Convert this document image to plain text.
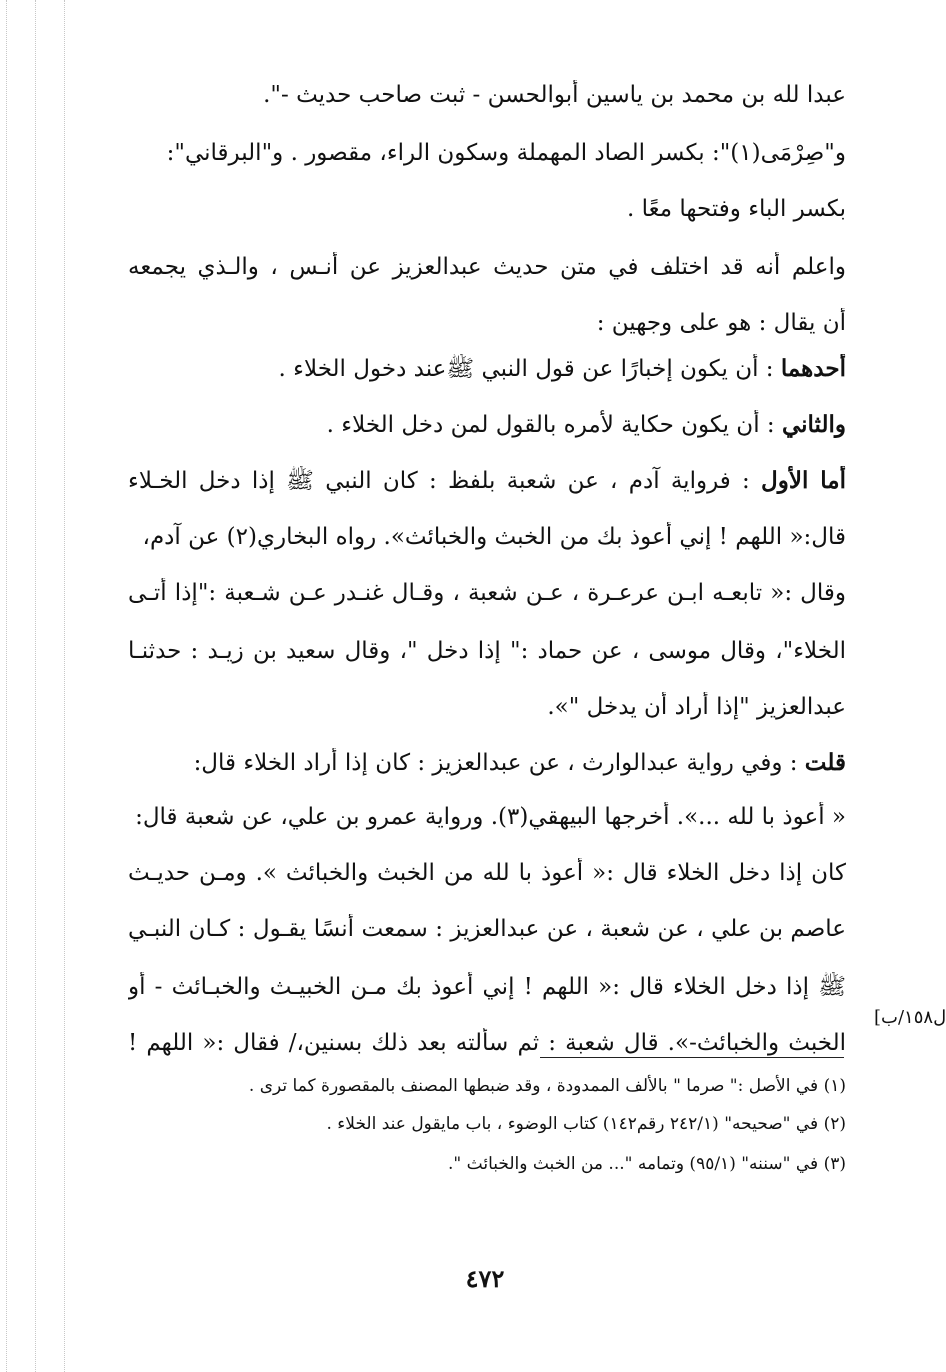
عبدا لله بن محمد بن ياسين أبوالحسن - ثبت صاحب حديث -".
و"صِرْمَى(١)": بكسر الصاد المهملة وسكون الراء، مقصور . و"البرقاني":
بكسر الباء وفتحها معًا .
واعلم أنه قد اختلف في متن حديث عبدالعزيز عن أنـس ، والـذي يجمعه
أن يقال : هو على وجهين :
أحدهما : أن يكون إخبارًا عن قول النبي ﷺعند دخول الخلاء .
والثاني : أن يكون حكاية لأمره بالقول لمن دخل الخلاء .
أما الأول : فرواية آدم ، عن شعبة بلفظ : كان النبي ﷺ إذا دخل الخـلاء
قال:« اللهم ! إني أعوذ بك من الخبث والخبائث». رواه البخاري(٢) عن آدم،
وقال :« تابعـه ابـن عرعـرة ، عـن شعبة ، وقـال غنـدر عـن شـعبة :"إذا أتـى
الخلاء"، وقال موسى ، عن حماد :" إذا دخل "، وقال سعيد بن زيـد : حدثنـا
عبدالعزيز "إذا أراد أن يدخل "».
قلت : وفي رواية عبدالوارث ، عن عبدالعزيز : كان إذا أراد الخلاء قال:
« أعوذ با لله ...». أخرجها البيهقي(٣). ورواية عمرو بن علي، عن شعبة قال:
كان إذا دخل الخلاء قال :« أعوذ با لله من الخبث والخبائث ». ومـن حديـث
عاصم بن علي ، عن شعبة ، عن عبدالعزيز : سمعت أنسًا يقـول : كـان النبـي
ﷺ إذا دخل الخلاء قال :« اللهم ! إني أعوذ بك مـن الخبيـث والخبـائث - أو
الخبث والخبائث-». قال شعبة : ثم سألته بعد ذلك بسنين،/ فقال :« اللهم !
ل١٥٨/ب]
(١) في الأصل :" صرما " بالألف الممدودة ، وقد ضبطها المصنف بالمقصورة كما ترى .
(٢) في "صحيحه" (٢٤٢/١ رقم١٤٢) كتاب الوضوء ، باب مايقول عند الخلاء .
(٣) في "سننه" (٩٥/١) وتمامه "... من الخبث والخبائث ".
٤٧٢
